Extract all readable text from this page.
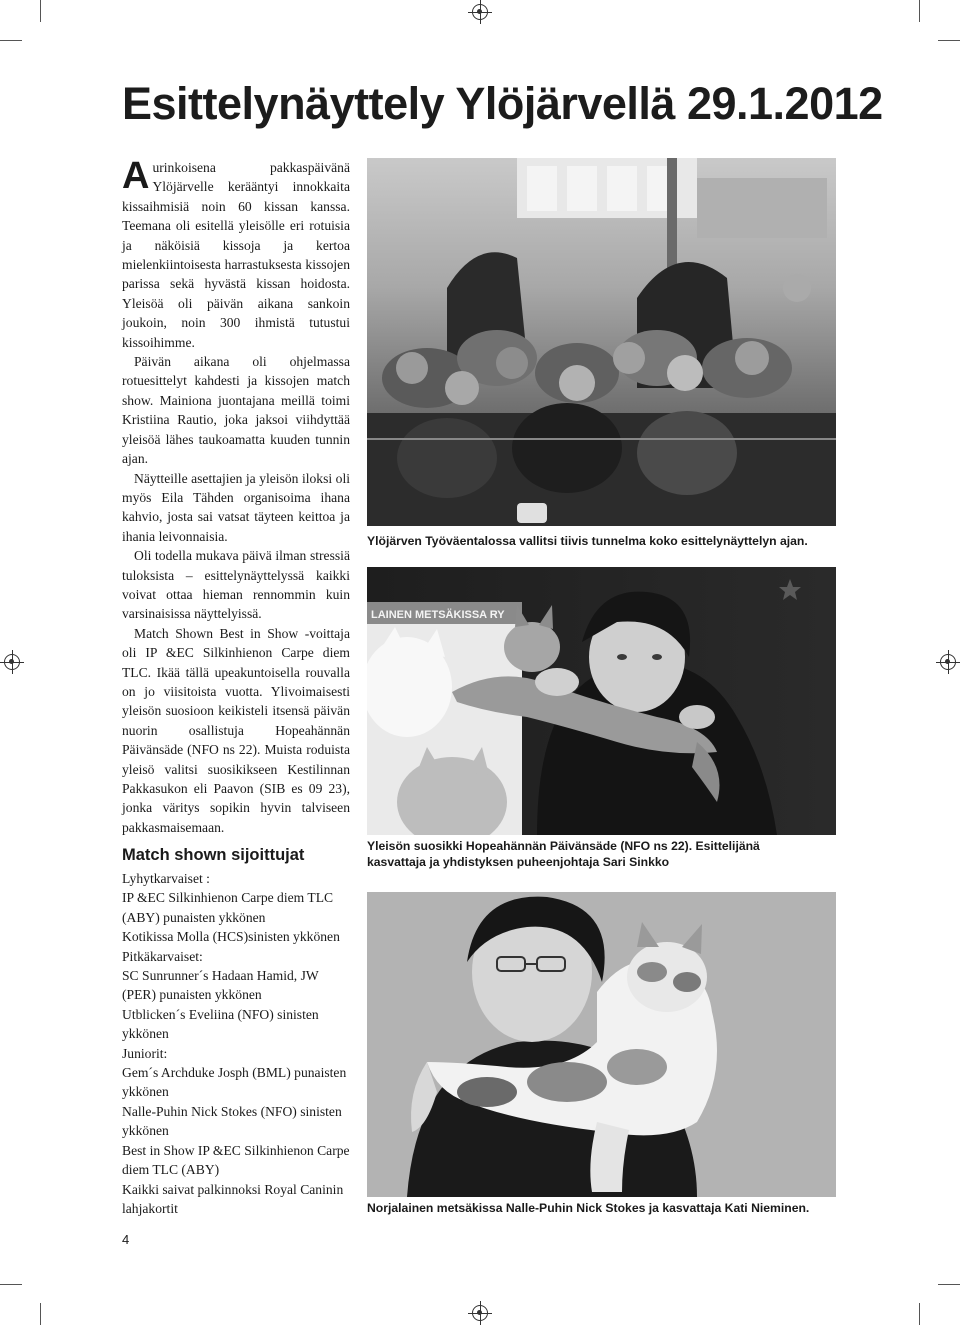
Esittelynäyttely Ylöjärvellä 29.1.2012

Aurinkoisena pakkaspäivänä Ylöjärvelle kerääntyi innokkaita kissaihmisiä noin 60 kissan kanssa. Teemana oli esitellä yleisölle eri rotuisia ja näköisiä kissoja ja kertoa mielenkiintoisesta harrastuksesta kissojen parissa sekä hyvästä kissan hoidosta. Yleisöä oli päivän aikana sankoin joukoin, noin 300 ihmistä tutustui kissoihimme.

Päivän aikana oli ohjelmassa rotuesittelyt kahdesti ja kissojen match show. Mainiona juontajana meillä toimi Kristiina Rautio, joka jaksoi viihdyttää yleisöä lähes taukoamatta kuuden tunnin ajan.

Näytteille asettajien ja yleisön iloksi oli myös Eila Tähden organisoima ihana kahvio, josta sai vatsat täyteen keittoa ja ihania leivonnaisia.

Oli todella mukava päivä ilman stressiä tuloksista – esittelynäyttelyssä kaikki voivat ottaa hieman rennommin kuin varsinaisissa näyttelyissä.

Match Shown Best in Show -voittaja oli IP &EC Silkinhienon Carpe diem TLC. Ikää tällä upeakuntoisella rouvalla on jo viisitoista vuotta. Ylivoimaisesti yleisön suosioon keikisteli itsensä päivän nuorin osallistuja Hopeahännän Päivänsäde (NFO ns 22). Muista roduista yleisö valitsi suosikikseen Kestilinnan Pakkasukon eli Paavon (SIB es 09 23), jonka väritys sopikin hyvin talviseen pakkasmaisemaan.

Ylöjärven Työväentalossa vallitsi tiivis tunnelma koko esittelynäyttelyn ajan.

LAINEN METSÄKISSA RY

Yleisön suosikki Hopeahännän Päivänsäde (NFO ns 22). Esittelijänä kasvattaja ja yhdistyksen puheenjohtaja Sari Sinkko

Norjalainen metsäkissa Nalle-Puhin Nick Stokes ja kasvattaja Kati Nieminen.

Match shown sijoittujat
Lyhytkarvaiset :
IP &EC Silkinhienon Carpe diem TLC
(ABY) punaisten ykkönen
Kotikissa Molla (HCS)sinisten ykkönen
Pitkäkarvaiset:
SC Sunrunner´s Hadaan Hamid, JW (PER) punaisten ykkönen
Utblicken´s Eveliina (NFO) sinisten ykkönen
Juniorit:
Gem´s Archduke Josph (BML) punaisten ykkönen
Nalle-Puhin Nick Stokes (NFO) sinisten ykkönen
Best in Show IP &EC Silkinhienon Carpe diem TLC (ABY)
Kaikki saivat palkinnoksi Royal Caninin lahjakortit
4
